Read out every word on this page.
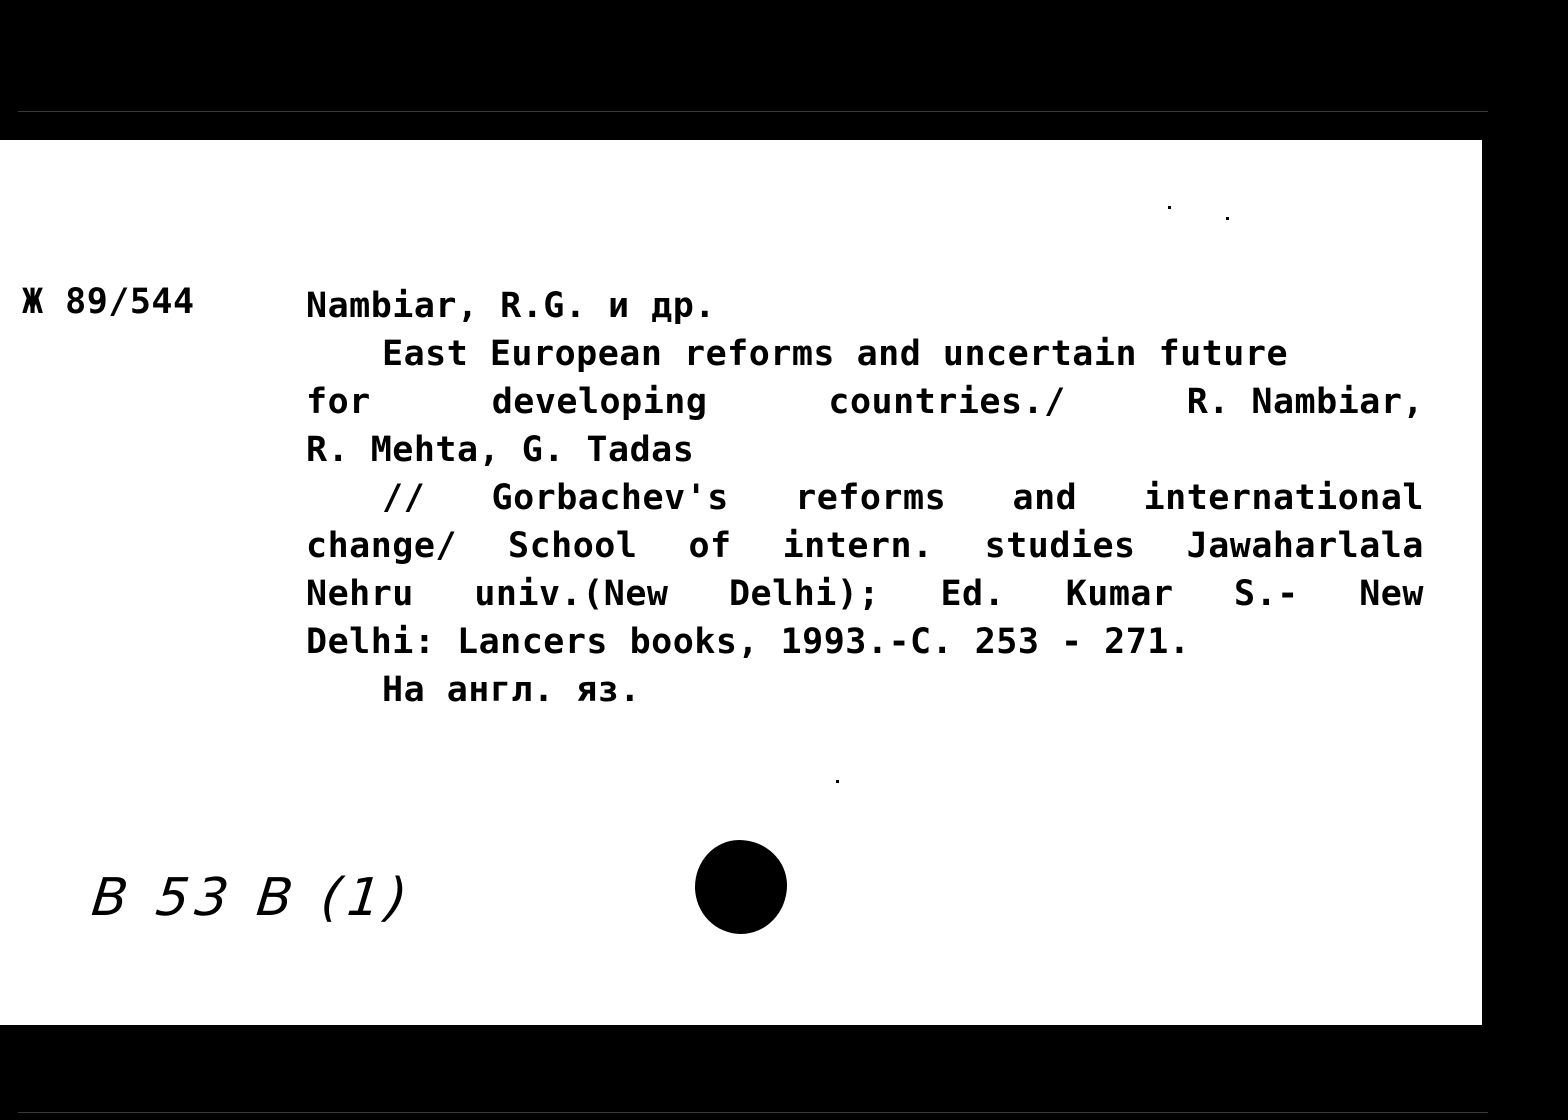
Ж 89/544	Nambiar, R.G. и др.
East European reforms and uncertain future
for	developing	countries./	R. Nambiar,
R. Mehta, G. Tadas
// Gorbachev's reforms and international
change/ School of intern. studies Jawaharlala
Nehru univ.(New Delhi); Ed. Kumar S.- New
Delhi: Lancers books, 1993.-C. 253 - 271.
На англ. яз.
B 53 B (1)
